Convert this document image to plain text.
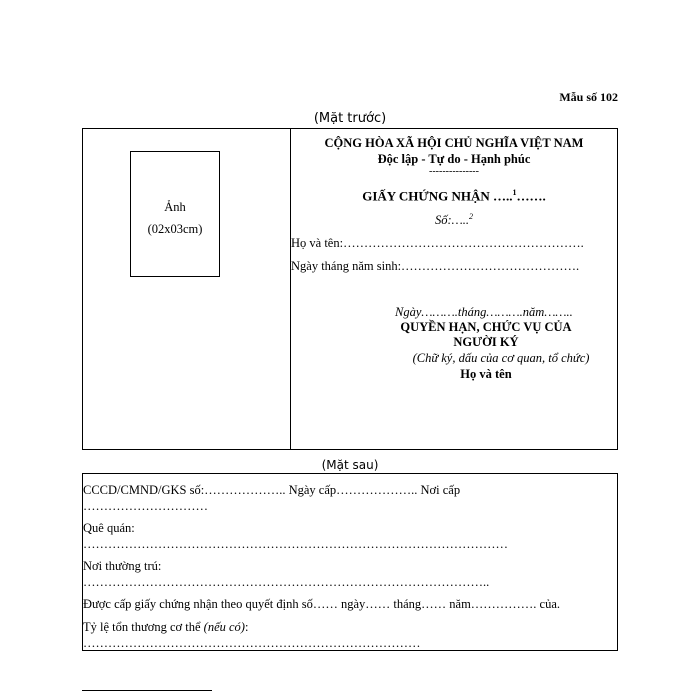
Mẫu số 102
(Mặt trước)
Ảnh
(02x03cm)
CỘNG HÒA XÃ HỘI CHỦ NGHĨA VIỆT NAM
Độc lập - Tự do - Hạnh phúc
---------------
GIẤY CHỨNG NHẬN …..$^1$…….
Số:…..$^2$
Họ và tên:………………………………………………….
Ngày tháng năm sinh:…………………………………….
Ngày……….tháng……….năm……..
QUYỀN HẠN, CHỨC VỤ CỦA
NGƯỜI KÝ
(Chữ ký, dấu của cơ quan, tổ chức)
Họ và tên
(Mặt sau)
CCCD/CMND/GKS số:……………….. Ngày cấp……………….. Nơi cấp
…………………………
Quê quán:
…………………………………………………………………………………………
Nơi thường trú:
……………………………………………………………………………………..
Được cấp giấy chứng nhận theo quyết định số…… ngày…… tháng…… năm……………. của.
Tỷ lệ tổn thương cơ thể (nếu có):
………………………………………………………………………
